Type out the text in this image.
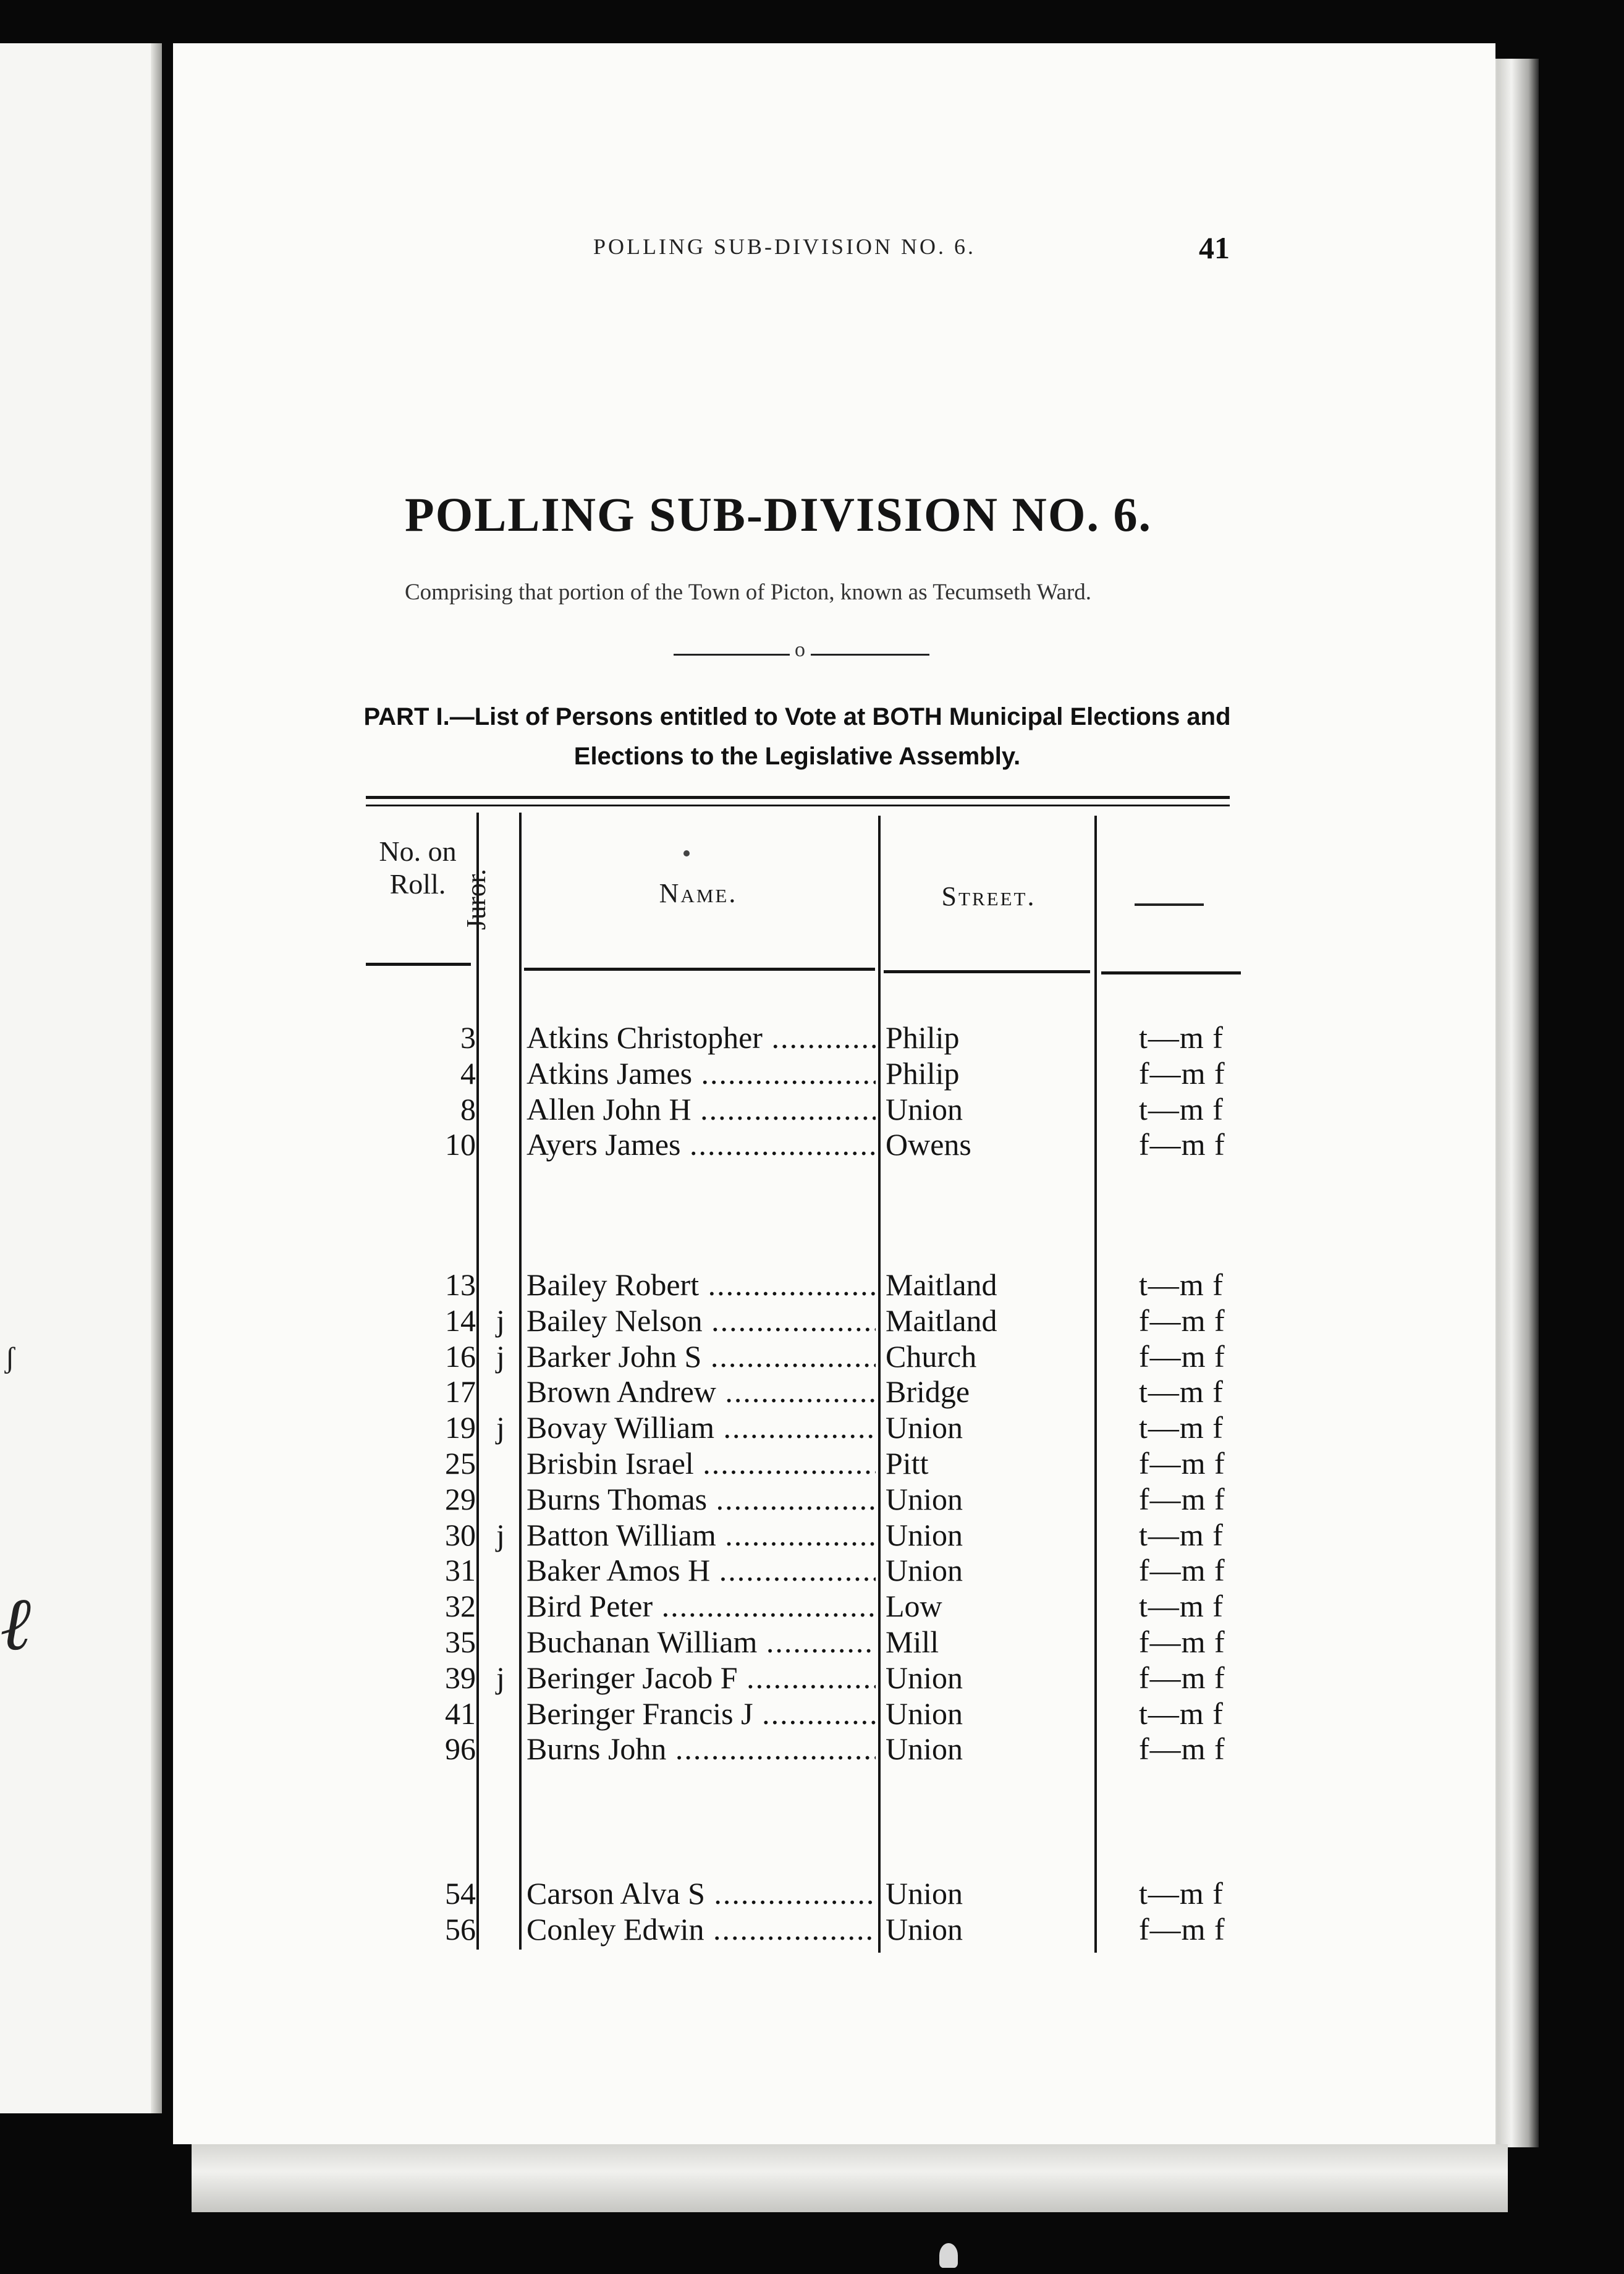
ʃ
ℓ
POLLING SUB-DIVISION NO. 6.	41
POLLING SUB-DIVISION NO. 6.
Comprising that portion of the Town of Picton, known as Tecumseth Ward.
o
PART I.—List of Persons entitled to Vote at BOTH Municipal Elections and
Elections to the Legislative Assembly.
No. on
Roll. Juror.	Name.	Street.
3 Atkins Christopher .....	Philip	t—m f
4 Atkins James .....	Philip	f—m f
8 Allen John H .....	Union	t—m f
10 Ayers James .....	Owens	f—m f
13 Bailey Robert .....	Maitland	t—m f
14 j Bailey Nelson .....	Maitland	f—m f
16 j Barker John S .....	Church	f—m f
17 Brown Andrew .....	Bridge	t—m f
19 j Bovay William .....	Union	t—m f
25 Brisbin Israel .....	Pitt	f—m f
29 Burns Thomas .....	Union	f—m f
30 j Batton William .....	Union	t—m f
31 Baker Amos H .....	Union	f—m f
32 Bird Peter .....	Low	t—m f
35 Buchanan William .....	Mill	f—m f
39 j Beringer Jacob F .....	Union	f—m f
41 Beringer Francis J .....	Union	t—m f
96 Burns John .....	Union	f—m f
54 Carson Alva S .....	Union	t—m f
56 Conley Edwin .....	Union	f—m f
